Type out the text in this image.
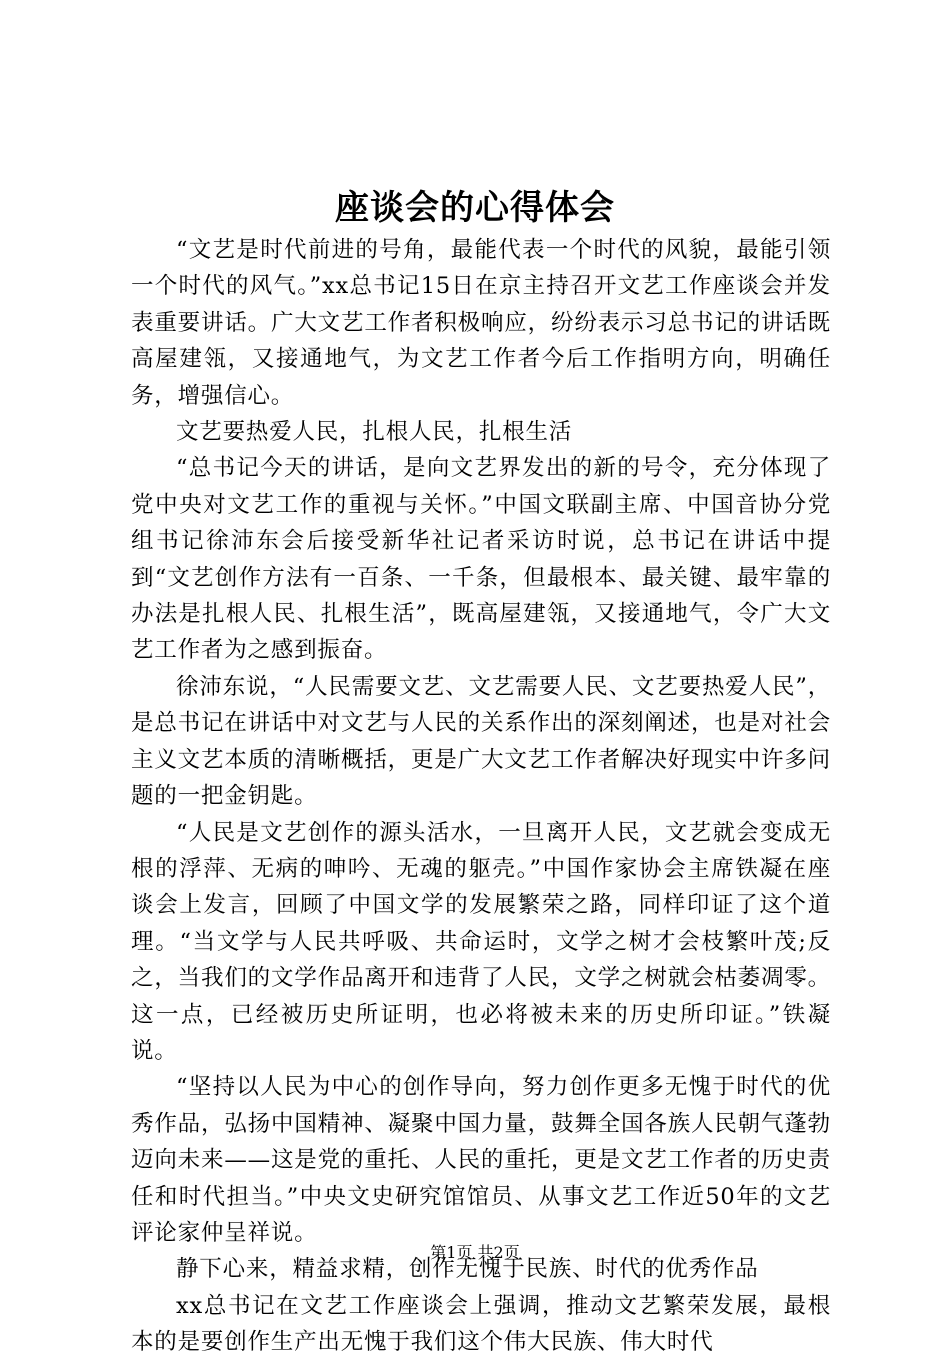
座谈会的心得体会

“文艺是时代前进的号角，最能代表一个时代的风貌，最能引领一个时代的风气。”xx总书记15日在京主持召开文艺工作座谈会并发表重要讲话。广大文艺工作者积极响应，纷纷表示习总书记的讲话既高屋建瓴，又接通地气，为文艺工作者今后工作指明方向，明确任务，增强信心。

文艺要热爱人民，扎根人民，扎根生活

“总书记今天的讲话，是向文艺界发出的新的号令，充分体现了党中央对文艺工作的重视与关怀。”中国文联副主席、中国音协分党组书记徐沛东会后接受新华社记者采访时说，总书记在讲话中提到“文艺创作方法有一百条、一千条，但最根本、最关键、最牢靠的办法是扎根人民、扎根生活”，既高屋建瓴，又接通地气，令广大文艺工作者为之感到振奋。

徐沛东说，“人民需要文艺、文艺需要人民、文艺要热爱人民”，是总书记在讲话中对文艺与人民的关系作出的深刻阐述，也是对社会主义文艺本质的清晰概括，更是广大文艺工作者解决好现实中许多问题的一把金钥匙。

“人民是文艺创作的源头活水，一旦离开人民，文艺就会变成无根的浮萍、无病的呻吟、无魂的躯壳。”中国作家协会主席铁凝在座谈会上发言，回顾了中国文学的发展繁荣之路，同样印证了这个道理。“当文学与人民共呼吸、共命运时，文学之树才会枝繁叶茂;反之，当我们的文学作品离开和违背了人民，文学之树就会枯萎凋零。这一点，已经被历史所证明，也必将被未来的历史所印证。”铁凝说。

“坚持以人民为中心的创作导向，努力创作更多无愧于时代的优秀作品，弘扬中国精神、凝聚中国力量，鼓舞全国各族人民朝气蓬勃迈向未来——这是党的重托、人民的重托，更是文艺工作者的历史责任和时代担当。”中央文史研究馆馆员、从事文艺工作近50年的文艺评论家仲呈祥说。

静下心来，精益求精，创作无愧于民族、时代的优秀作品

xx总书记在文艺工作座谈会上强调，推动文艺繁荣发展，最根本的是要创作生产出无愧于我们这个伟大民族、伟大时代

第1页 共2页
